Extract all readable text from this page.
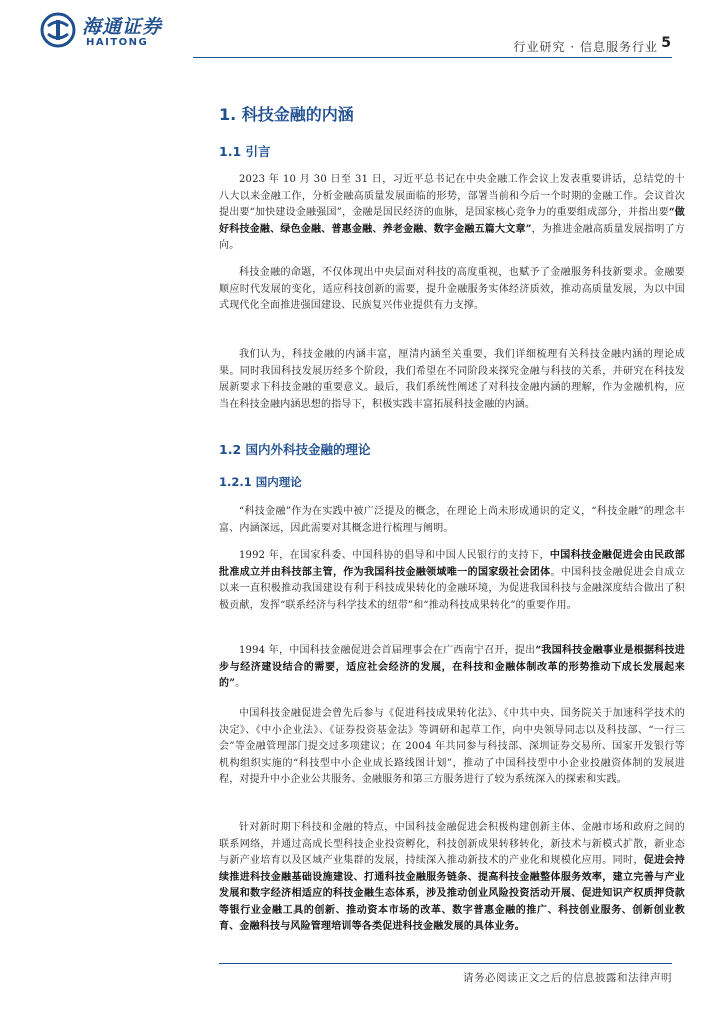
海通证券
HAITONG	行业研究 · 信息服务行业 5
1. 科技金融的内涵
1.1 引言

2023 年 10 月 30 日至 31 日，习近平总书记在中央金融工作会议上发表重要讲话，总结党的十八大以来金融工作，分析金融高质量发展面临的形势，部署当前和今后一个时期的金融工作。会议首次提出要“加快建设金融强国”，金融是国民经济的血脉，是国家核心竞争力的重要组成部分，并指出要“做好科技金融、绿色金融、普惠金融、养老金融、数字金融五篇大文章”，为推进金融高质量发展指明了方向。

科技金融的命题，不仅体现出中央层面对科技的高度重视，也赋予了金融服务科技新要求。金融要顺应时代发展的变化，适应科技创新的需要，提升金融服务实体经济质效，推动高质量发展，为以中国式现代化全面推进强国建设、民族复兴伟业提供有力支撑。

我们认为，科技金融的内涵丰富，厘清内涵至关重要，我们详细梳理有关科技金融内涵的理论成果。同时我国科技发展历经多个阶段，我们希望在不同阶段来探究金融与科技的关系，并研究在科技发展新要求下科技金融的重要意义。最后，我们系统性阐述了对科技金融内涵的理解，作为金融机构，应当在科技金融内涵思想的指导下，积极实践丰富拓展科技金融的内涵。

1.2 国内外科技金融的理论
1.2.1 国内理论

“科技金融”作为在实践中被广泛提及的概念，在理论上尚未形成通识的定义，“科技金融”的理念丰富、内涵深远，因此需要对其概念进行梳理与阐明。

1992 年，在国家科委、中国科协的倡导和中国人民银行的支持下，中国科技金融促进会由民政部批准成立并由科技部主管，作为我国科技金融领域唯一的国家级社会团体。中国科技金融促进会自成立以来一直积极推动我国建设有利于科技成果转化的金融环境，为促进我国科技与金融深度结合做出了积极贡献，发挥“联系经济与科学技术的纽带”和“推动科技成果转化”的重要作用。

1994 年，中国科技金融促进会首届理事会在广西南宁召开，提出“我国科技金融事业是根据科技进步与经济建设结合的需要，适应社会经济的发展，在科技和金融体制改革的形势推动下成长发展起来的”。

中国科技金融促进会曾先后参与《促进科技成果转化法》、《中共中央、国务院关于加速科学技术的决定》、《中小企业法》、《证券投资基金法》等调研和起草工作，向中央领导同志以及科技部、“一行三会”等金融管理部门提交过多项建议；在 2004 年共同参与科技部、深圳证券交易所、国家开发银行等机构组织实施的“科技型中小企业成长路线图计划”，推动了中国科技型中小企业投融资体制的发展进程，对提升中小企业公共服务、金融服务和第三方服务进行了较为系统深入的探索和实践。

针对新时期下科技和金融的特点，中国科技金融促进会积极构建创新主体、金融市场和政府之间的联系网络，并通过高成长型科技企业投资孵化，科技创新成果转移转化，新技术与新模式扩散，新业态与新产业培育以及区域产业集群的发展，持续深入推动新技术的产业化和规模化应用。同时，促进会持续推进科技金融基础设施建设、打通科技金融服务链条、提高科技金融整体服务效率，建立完善与产业发展和数字经济相适应的科技金融生态体系，涉及推动创业风险投资活动开展、促进知识产权质押贷款等银行业金融工具的创新、推动资本市场的改革、数字普惠金融的推广、科技创业服务、创新创业教育、金融科技与风险管理培训等各类促进科技金融发展的具体业务。

请务必阅读正文之后的信息披露和法律声明
